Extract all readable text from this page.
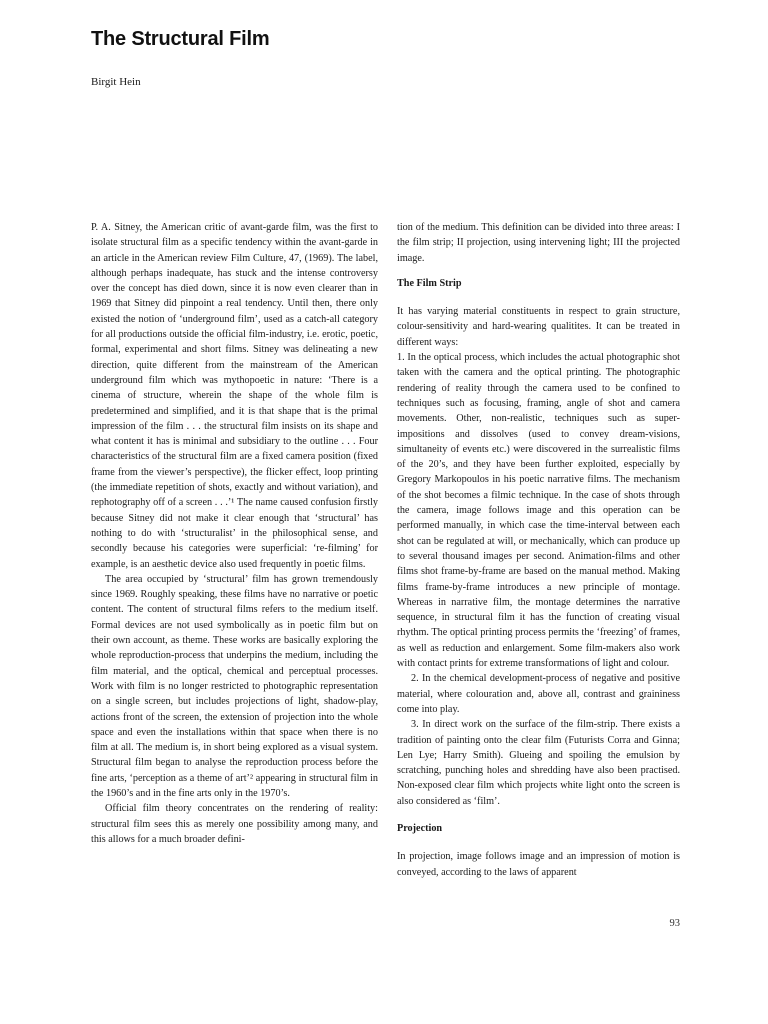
The Structural Film

Birgit Hein

P. A. Sitney, the American critic of avant-garde film, was the first to isolate structural film as a specific tendency within the avant-garde in an article in the American review Film Culture, 47, (1969). The label, although perhaps inadequate, has stuck and the intense controversy over the concept has died down, since it is now even clearer than in 1969 that Sitney did pinpoint a real tendency. Until then, there only existed the notion of ‘underground film’, used as a catch-all category for all productions outside the official film-industry, i.e. erotic, poetic, formal, experimental and short films. Sitney was delineating a new direction, quite different from the mainstream of the American underground film which was mythopoetic in nature: ‘There is a cinema of structure, wherein the shape of the whole film is predetermined and simplified, and it is that shape that is the primal impression of the film . . . the structural film insists on its shape and what content it has is minimal and subsidiary to the outline . . . Four characteristics of the structural film are a fixed camera position (fixed frame from the viewer’s perspective), the flicker effect, loop printing (the immediate repetition of shots, exactly and without variation), and rephotography off of a screen . . .’¹ The name caused confusion firstly because Sitney did not make it clear enough that ‘structural’ has nothing to do with ‘structuralist’ in the philosophical sense, and secondly because his categories were superficial: ‘re-filming’ for example, is an aesthetic device also used frequently in poetic films.

The area occupied by ‘structural’ film has grown tremendously since 1969. Roughly speaking, these films have no narrative or poetic content. The content of structural films refers to the medium itself. Formal devices are not used symbolically as in poetic film but on their own account, as theme. These works are basically exploring the whole reproduction-process that underpins the medium, including the film material, and the optical, chemical and perceptual processes. Work with film is no longer restricted to photographic representation on a single screen, but includes projections of light, shadow-play, actions front of the screen, the extension of projection into the whole space and even the installations within that space when there is no film at all. The medium is, in short being explored as a visual system. Structural film began to analyse the reproduction process before the fine arts, ‘perception as a theme of art’² appearing in structural film in the 1960’s and in the fine arts only in the 1970’s.

Official film theory concentrates on the rendering of reality: structural film sees this as merely one possibility among many, and this allows for a much broader defini-

tion of the medium. This definition can be divided into three areas: I the film strip; II projection, using intervening light; III the projected image.

The Film Strip

It has varying material constituents in respect to grain structure, colour-sensitivity and hard-wearing qualitites. It can be treated in different ways:

1. In the optical process, which includes the actual photographic shot taken with the camera and the optical printing. The photographic rendering of reality through the camera used to be confined to techniques such as focusing, framing, angle of shot and camera movements. Other, non-realistic, techniques such as super-impositions and dissolves (used to convey dream-visions, simultaneity of events etc.) were discovered in the surrealistic films of the 20’s, and they have been further exploited, especially by Gregory Markopoulos in his poetic narrative films. The mechanism of the shot becomes a filmic technique. In the case of shots through the camera, image follows image and this operation can be performed manually, in which case the time-interval between each shot can be regulated at will, or mechanically, which can produce up to several thousand images per second. Animation-films and other films shot frame-by-frame are based on the manual method. Making films frame-by-frame introduces a new principle of montage. Whereas in narrative film, the montage determines the narrative sequence, in structural film it has the function of creating visual rhythm. The optical printing process permits the ‘freezing’ of frames, as well as reduction and enlargement. Some film-makers also work with contact prints for extreme transformations of light and colour.

2. In the chemical development-process of negative and positive material, where colouration and, above all, contrast and graininess come into play.

3. In direct work on the surface of the film-strip. There exists a tradition of painting onto the clear film (Futurists Corra and Ginna; Len Lye; Harry Smith). Glueing and spoiling the emulsion by scratching, punching holes and shredding have also been practised. Non-exposed clear film which projects white light onto the screen is also considered as ‘film’.

Projection

In projection, image follows image and an impression of motion is conveyed, according to the laws of apparent

93
